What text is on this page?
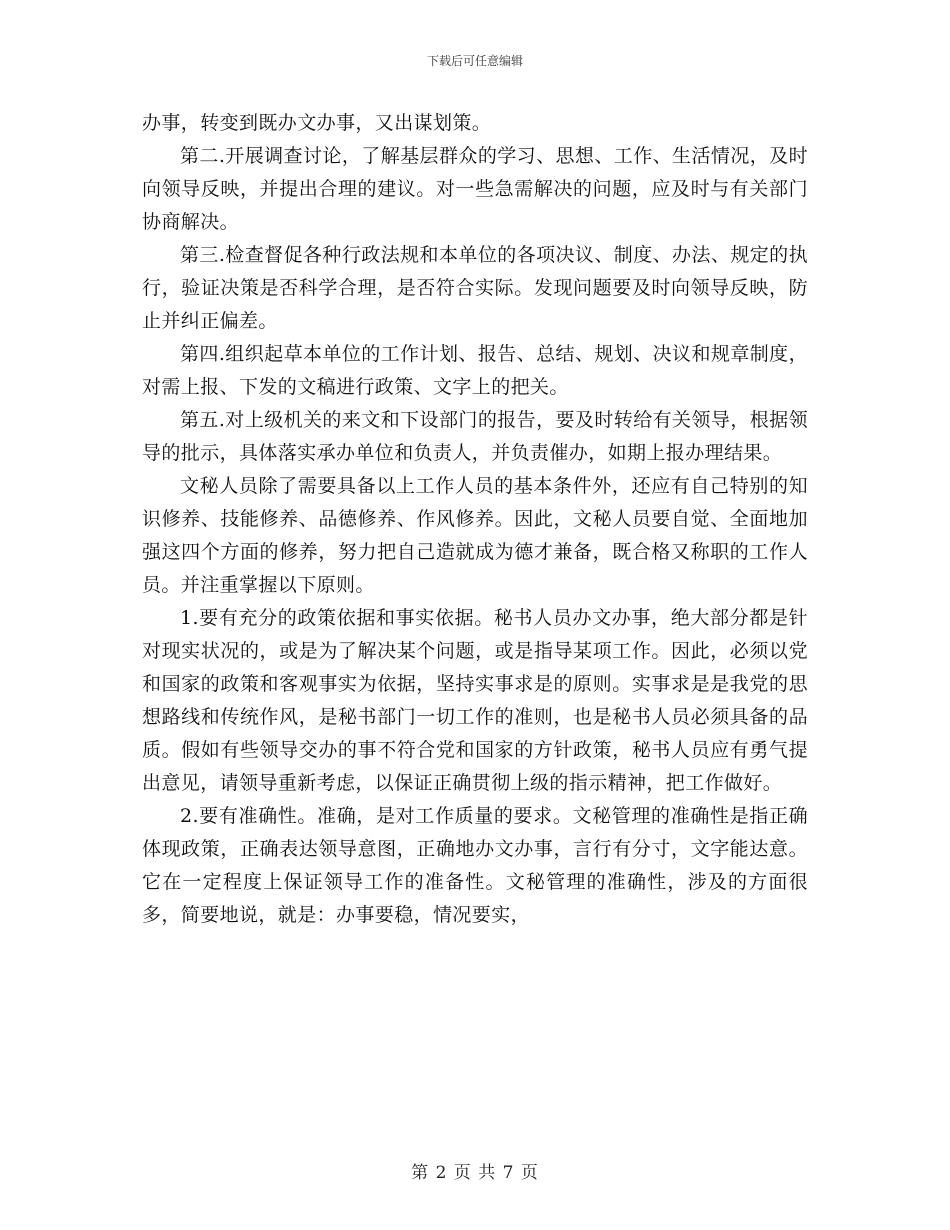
下载后可任意编辑

办事，转变到既办文办事，又出谋划策。

第二.开展调查讨论，了解基层群众的学习、思想、工作、生活情况，及时向领导反映，并提出合理的建议。对一些急需解决的问题，应及时与有关部门协商解决。

第三.检查督促各种行政法规和本单位的各项决议、制度、办法、规定的执行，验证决策是否科学合理，是否符合实际。发现问题要及时向领导反映，防止并纠正偏差。

第四.组织起草本单位的工作计划、报告、总结、规划、决议和规章制度，对需上报、下发的文稿进行政策、文字上的把关。

第五.对上级机关的来文和下设部门的报告，要及时转给有关领导，根据领导的批示，具体落实承办单位和负责人，并负责催办，如期上报办理结果。

文秘人员除了需要具备以上工作人员的基本条件外，还应有自己特别的知识修养、技能修养、品德修养、作风修养。因此，文秘人员要自觉、全面地加强这四个方面的修养，努力把自己造就成为德才兼备，既合格又称职的工作人员。并注重掌握以下原则。

1.要有充分的政策依据和事实依据。秘书人员办文办事，绝大部分都是针对现实状况的，或是为了解决某个问题，或是指导某项工作。因此，必须以党和国家的政策和客观事实为依据，坚持实事求是的原则。实事求是是我党的思想路线和传统作风，是秘书部门一切工作的准则，也是秘书人员必须具备的品质。假如有些领导交办的事不符合党和国家的方针政策，秘书人员应有勇气提出意见，请领导重新考虑，以保证正确贯彻上级的指示精神，把工作做好。

2.要有准确性。准确，是对工作质量的要求。文秘管理的准确性是指正确体现政策，正确表达领导意图，正确地办文办事，言行有分寸，文字能达意。它在一定程度上保证领导工作的准备性。文秘管理的准确性，涉及的方面很多，简要地说，就是：办事要稳，情况要实，

第 2 页 共 7 页
